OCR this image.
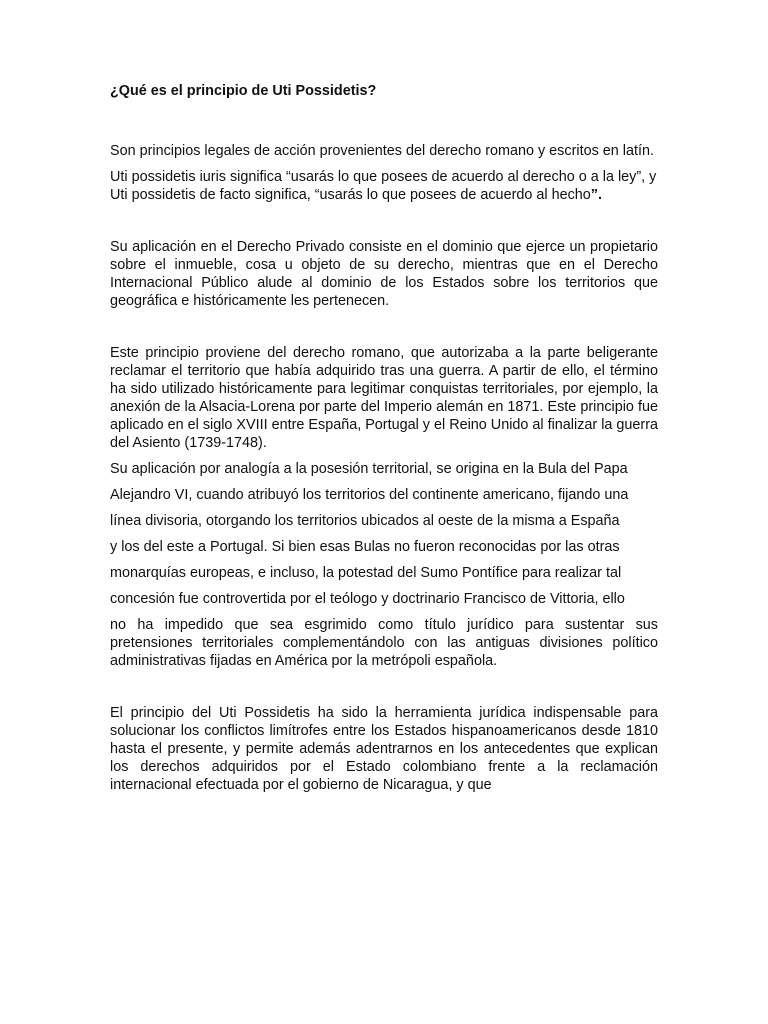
¿Qué es el principio de Uti Possidetis?

Son principios legales de acción provenientes del derecho romano y escritos en latín.

Uti possidetis iuris significa “usarás lo que posees de acuerdo al derecho o a la ley”, y Uti possidetis de facto significa, “usarás lo que posees de acuerdo al hecho”.

Su aplicación en el Derecho Privado consiste en el dominio que ejerce un propietario sobre el inmueble, cosa u objeto de su derecho, mientras que en el Derecho Internacional Público alude al dominio de los Estados sobre los territorios que geográfica e históricamente les pertenecen.

Este principio proviene del derecho romano, que autorizaba a la parte beligerante reclamar el territorio que había adquirido tras una guerra. A partir de ello, el término ha sido utilizado históricamente para legitimar conquistas territoriales, por ejemplo, la anexión de la Alsacia-Lorena por parte del Imperio alemán en 1871. Este principio fue aplicado en el siglo XVIII entre España, Portugal y el Reino Unido al finalizar la guerra del Asiento (1739-1748).

Su aplicación por analogía a la posesión territorial, se origina en la Bula del Papa

Alejandro VI, cuando atribuyó los territorios del continente americano, fijando una

línea divisoria, otorgando los territorios ubicados al oeste de la misma a España

y los del este a Portugal. Si bien esas Bulas no fueron reconocidas por las otras

monarquías europeas, e incluso, la potestad del Sumo Pontífice para realizar tal

concesión fue controvertida por el teólogo y doctrinario Francisco de Vittoria, ello

no ha impedido que sea esgrimido como título jurídico para sustentar sus pretensiones territoriales complementándolo con las antiguas divisiones político administrativas fijadas en América por la metrópoli española.

El principio del Uti Possidetis ha sido la herramienta jurídica indispensable para solucionar los conflictos limítrofes entre los Estados hispanoamericanos desde 1810 hasta el presente, y permite además adentrarnos en los antecedentes que explican los derechos adquiridos por el Estado colombiano frente a la reclamación internacional efectuada por el gobierno de Nicaragua, y que
